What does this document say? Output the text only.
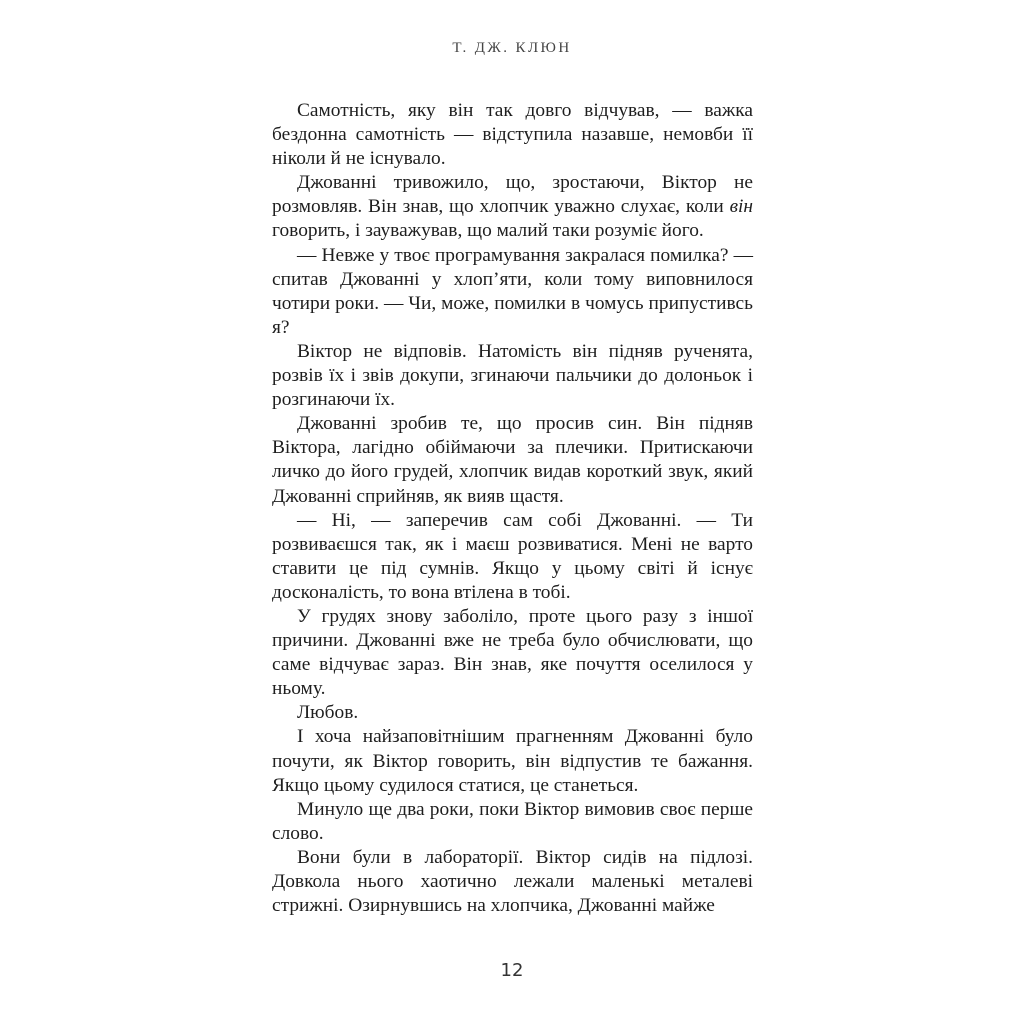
Т. ДЖ. КЛЮН

Самотність, яку він так довго відчував, — важка бездонна самотність — відступила назавше, немовби її ніколи й не існувало.

Джованні тривожило, що, зростаючи, Віктор не розмовляв. Він знав, що хлопчик уважно слухає, коли він говорить, і зауважував, що малий таки розуміє його.

— Невже у твоє програмування закралася помилка? — спитав Джованні у хлоп’яти, коли тому виповнилося чотири роки. — Чи, може, помилки в чомусь припустивсь я?

Віктор не відповів. Натомість він підняв рученята, розвів їх і звів докупи, згинаючи пальчики до долоньок і розгинаючи їх.

Джованні зробив те, що просив син. Він підняв Віктора, лагідно обіймаючи за плечики. Притискаючи личко до його грудей, хлопчик видав короткий звук, який Джованні сприйняв, як вияв щастя.

— Ні, — заперечив сам собі Джованні. — Ти розвиваєшся так, як і маєш розвиватися. Мені не варто ставити це під сумнів. Якщо у цьому світі й існує досконалість, то вона втілена в тобі.

У грудях знову заболіло, проте цього разу з іншої причини. Джованні вже не треба було обчислювати, що саме відчуває зараз. Він знав, яке почуття оселилося у ньому.

Любов.

І хоча найзаповітнішим прагненням Джованні було почути, як Віктор говорить, він відпустив те бажання. Якщо цьому судилося статися, це станеться.

Минуло ще два роки, поки Віктор вимовив своє перше слово.

Вони були в лабораторії. Віктор сидів на підлозі. Довкола нього хаотично лежали маленькі металеві стрижні. Озирнувшись на хлопчика, Джованні майже

12
